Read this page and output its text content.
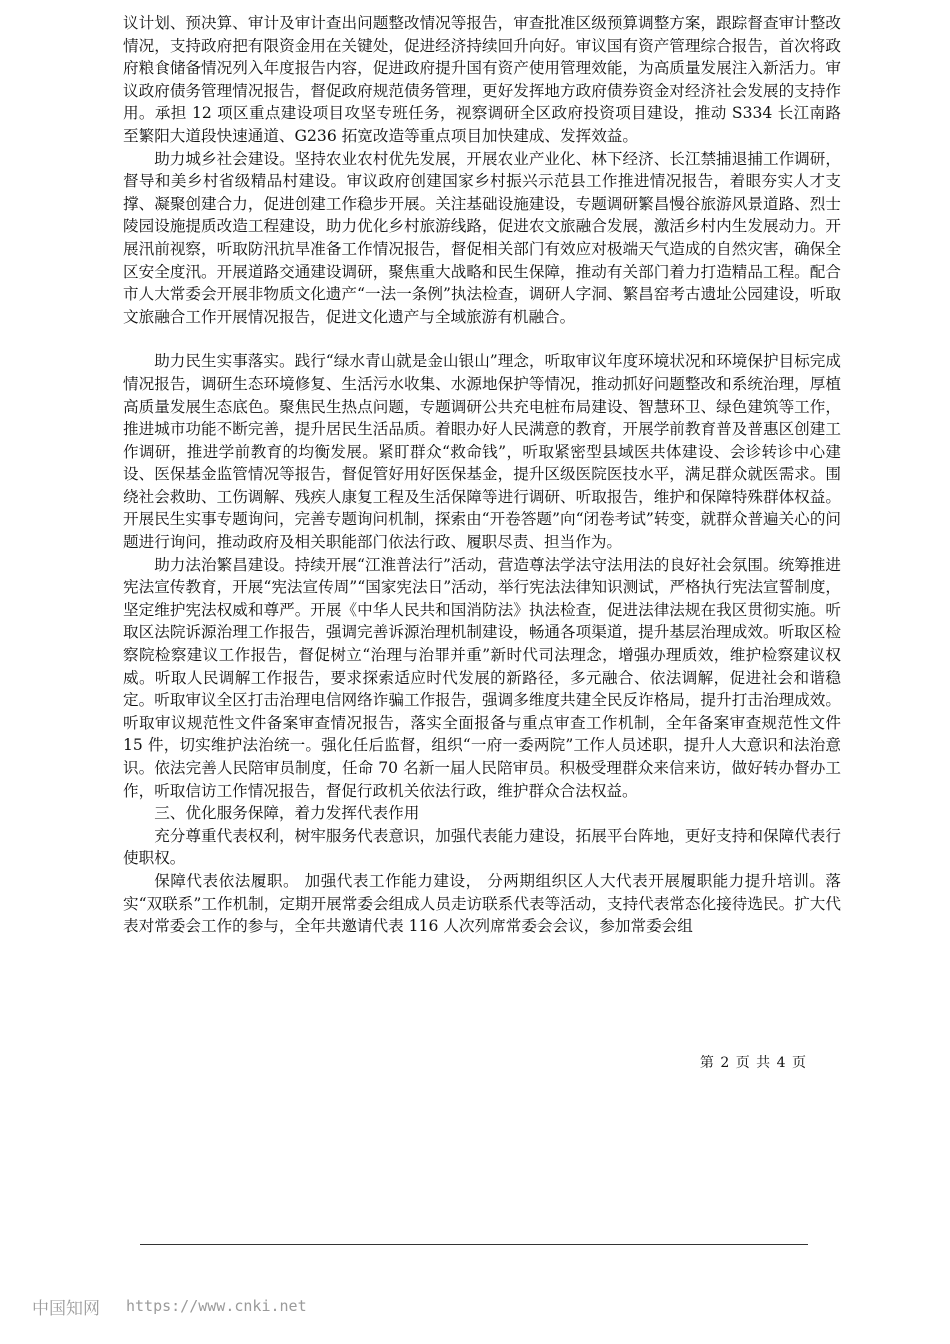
议计划、预决算、审计及审计查出问题整改情况等报告，审查批准区级预算调整方案，跟踪督查审计整改情况，支持政府把有限资金用在关键处，促进经济持续回升向好。审议国有资产管理综合报告，首次将政府粮食储备情况列入年度报告内容，促进政府提升国有资产使用管理效能，为高质量发展注入新活力。审议政府债务管理情况报告，督促政府规范债务管理，更好发挥地方政府债券资金对经济社会发展的支持作用。承担 12 项区重点建设项目攻坚专班任务，视察调研全区政府投资项目建设，推动 S334 长江南路至繁阳大道段快速通道、G236 拓宽改造等重点项目加快建成、发挥效益。

助力城乡社会建设。坚持农业农村优先发展，开展农业产业化、林下经济、长江禁捕退捕工作调研，督导和美乡村省级精品村建设。审议政府创建国家乡村振兴示范县工作推进情况报告，着眼夯实人才支撑、凝聚创建合力，促进创建工作稳步开展。关注基础设施建设，专题调研繁昌慢谷旅游风景道路、烈士陵园设施提质改造工程建设，助力优化乡村旅游线路，促进农文旅融合发展，激活乡村内生发展动力。开展汛前视察，听取防汛抗旱准备工作情况报告，督促相关部门有效应对极端天气造成的自然灾害，确保全区安全度汛。开展道路交通建设调研，聚焦重大战略和民生保障，推动有关部门着力打造精品工程。配合市人大常委会开展非物质文化遗产“一法一条例”执法检查，调研人字洞、繁昌窑考古遗址公园建设，听取文旅融合工作开展情况报告，促进文化遗产与全域旅游有机融合。

助力民生实事落实。践行“绿水青山就是金山银山”理念，听取审议年度环境状况和环境保护目标完成情况报告，调研生态环境修复、生活污水收集、水源地保护等情况，推动抓好问题整改和系统治理，厚植高质量发展生态底色。聚焦民生热点问题，专题调研公共充电桩布局建设、智慧环卫、绿色建筑等工作，推进城市功能不断完善，提升居民生活品质。着眼办好人民满意的教育，开展学前教育普及普惠区创建工作调研，推进学前教育的均衡发展。紧盯群众“救命钱”，听取紧密型县域医共体建设、会诊转诊中心建设、医保基金监管情况等报告，督促管好用好医保基金，提升区级医院医技水平，满足群众就医需求。围绕社会救助、工伤调解、残疾人康复工程及生活保障等进行调研、听取报告，维护和保障特殊群体权益。开展民生实事专题询问，完善专题询问机制，探索由“开卷答题”向“闭卷考试”转变，就群众普遍关心的问题进行询问，推动政府及相关职能部门依法行政、履职尽责、担当作为。

助力法治繁昌建设。持续开展“江淮普法行”活动，营造尊法学法守法用法的良好社会氛围。统筹推进宪法宣传教育，开展“宪法宣传周”“国家宪法日”活动，举行宪法法律知识测试，严格执行宪法宣誓制度，坚定维护宪法权威和尊严。开展《中华人民共和国消防法》执法检查，促进法律法规在我区贯彻实施。听取区法院诉源治理工作报告，强调完善诉源治理机制建设，畅通各项渠道，提升基层治理成效。听取区检察院检察建议工作报告，督促树立“治理与治罪并重”新时代司法理念，增强办理质效，维护检察建议权威。听取人民调解工作报告，要求探索适应时代发展的新路径，多元融合、依法调解，促进社会和谐稳定。听取审议全区打击治理电信网络诈骗工作报告，强调多维度共建全民反诈格局，提升打击治理成效。听取审议规范性文件备案审查情况报告，落实全面报备与重点审查工作机制，全年备案审查规范性文件 15 件，切实维护法治统一。强化任后监督，组织“一府一委两院”工作人员述职，提升人大意识和法治意识。依法完善人民陪审员制度，任命 70 名新一届人民陪审员。积极受理群众来信来访，做好转办督办工作，听取信访工作情况报告，督促行政机关依法行政，维护群众合法权益。

三、优化服务保障，着力发挥代表作用

充分尊重代表权利，树牢服务代表意识，加强代表能力建设，拓展平台阵地，更好支持和保障代表行使职权。

保障代表依法履职。 加强代表工作能力建设， 分两期组织区人大代表开展履职能力提升培训。落实“双联系”工作机制，定期开展常委会组成人员走访联系代表等活动，支持代表常态化接待选民。扩大代表对常委会工作的参与，全年共邀请代表 116 人次列席常委会会议，参加常委会组

第 2 页 共 4 页
中国知网 https://www.cnki.net
